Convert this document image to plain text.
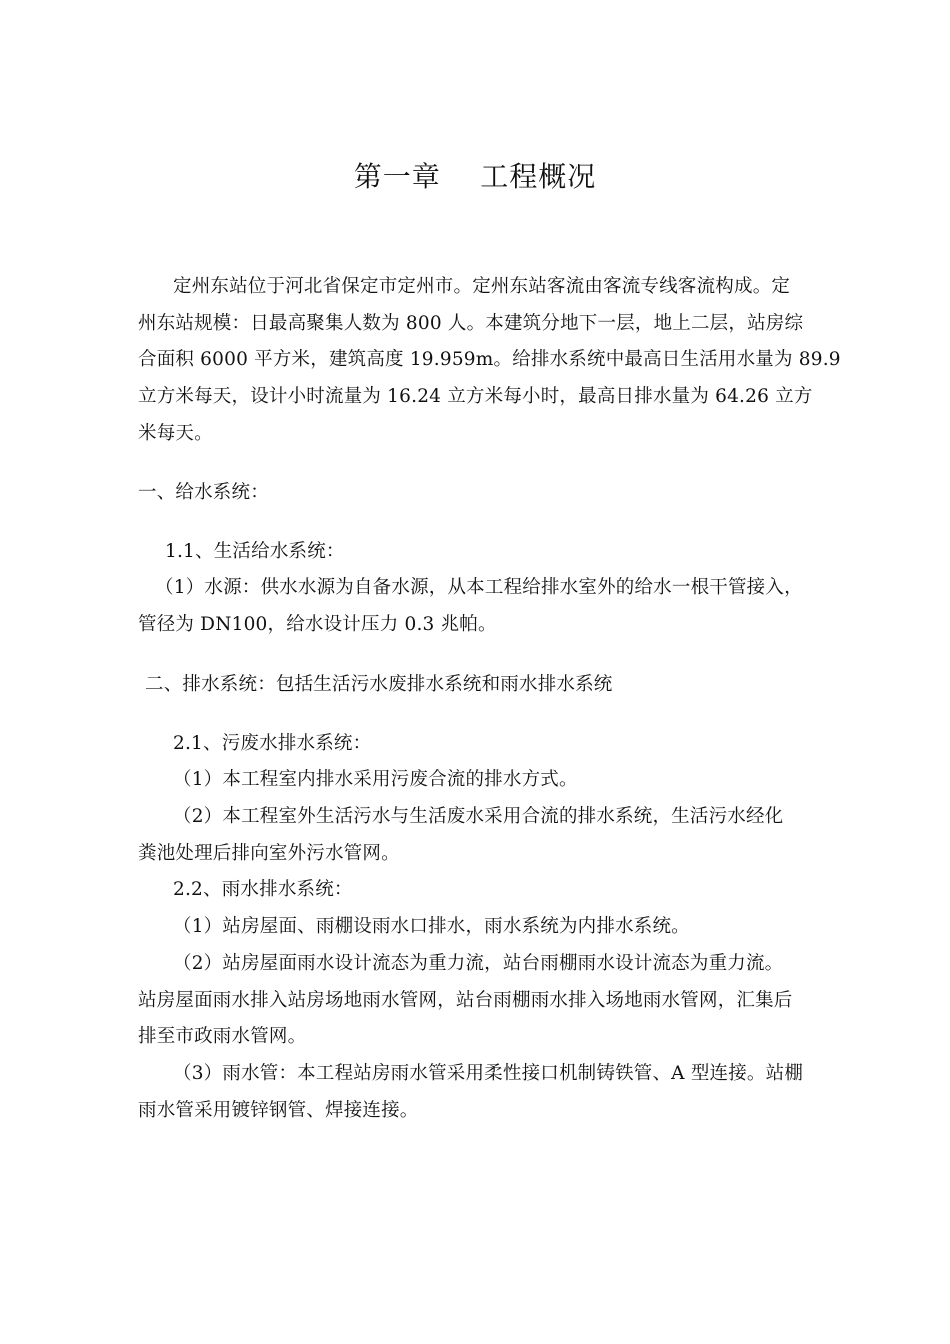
第一章    工程概况
定州东站位于河北省保定市定州市。定州东站客流由客流专线客流构成。定
州东站规模：日最高聚集人数为 800 人。本建筑分地下一层，地上二层，站房综
合面积 6000 平方米，建筑高度 19.959m。给排水系统中最高日生活用水量为 89.9
立方米每天，设计小时流量为 16.24 立方米每小时，最高日排水量为 64.26 立方
米每天。
一、给水系统：
1.1、生活给水系统：
（1）水源：供水水源为自备水源，从本工程给排水室外的给水一根干管接入，
管径为 DN100，给水设计压力 0.3 兆帕。
二、排水系统：包括生活污水废排水系统和雨水排水系统
2.1、污废水排水系统：
（1）本工程室内排水采用污废合流的排水方式。
（2）本工程室外生活污水与生活废水采用合流的排水系统，生活污水经化
粪池处理后排向室外污水管网。
2.2、雨水排水系统：
（1）站房屋面、雨棚设雨水口排水，雨水系统为内排水系统。
（2）站房屋面雨水设计流态为重力流，站台雨棚雨水设计流态为重力流。
站房屋面雨水排入站房场地雨水管网，站台雨棚雨水排入场地雨水管网，汇集后
排至市政雨水管网。
（3）雨水管：本工程站房雨水管采用柔性接口机制铸铁管、A 型连接。站棚
雨水管采用镀锌钢管、焊接连接。
